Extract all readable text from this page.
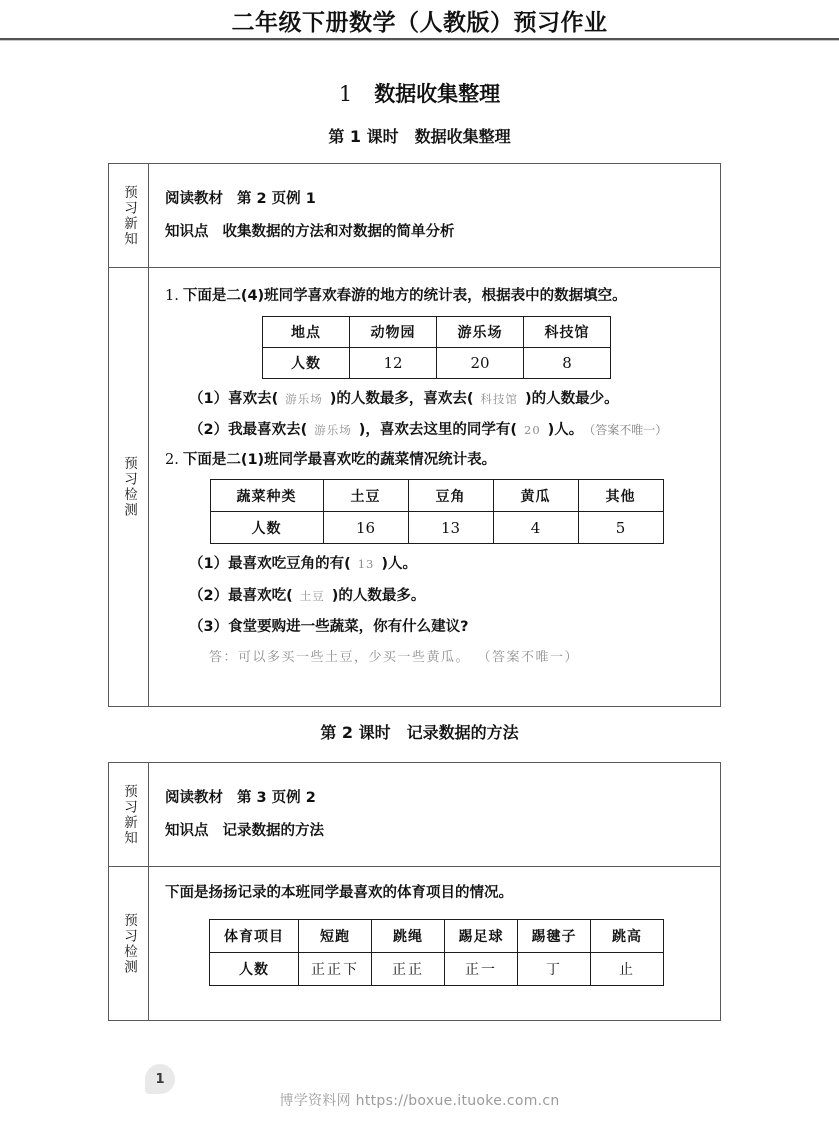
二年级下册数学（人教版）预习作业
1 数据收集整理
第 1 课时 数据收集整理
预习新知 阅读教材 第 2 页例 1
知识点 收集数据的方法和对数据的简单分析
预习检测
1. 下面是二(4)班同学喜欢春游的地方的统计表，根据表中的数据填空。
地点	动物园	游乐场	科技馆
人数	12	20	8
（1）喜欢去( 游乐场 )的人数最多，喜欢去( 科技馆 )的人数最少。
（2）我最喜欢去( 游乐场 )，喜欢去这里的同学有( 20 )人。 （答案不唯一）
2. 下面是二(1)班同学最喜欢吃的蔬菜情况统计表。
蔬菜种类	土豆	豆角	黄瓜	其他
人数	16	13	4	5
（1）最喜欢吃豆角的有( 13 )人。
（2）最喜欢吃( 土豆 )的人数最多。
（3）食堂要购进一些蔬菜，你有什么建议?
答：可以多买一些土豆，少买一些黄瓜。 （答案不唯一）
第 2 课时 记录数据的方法
预习新知 阅读教材 第 3 页例 2
知识点 记录数据的方法
预习检测
下面是扬扬记录的本班同学最喜欢的体育项目的情况。
体育项目	短跑	跳绳	踢足球	踢毽子	跳高
人数	正正下	正正	正一	丁	止
1
博学资料网 https://boxue.ituoke.com.cn
